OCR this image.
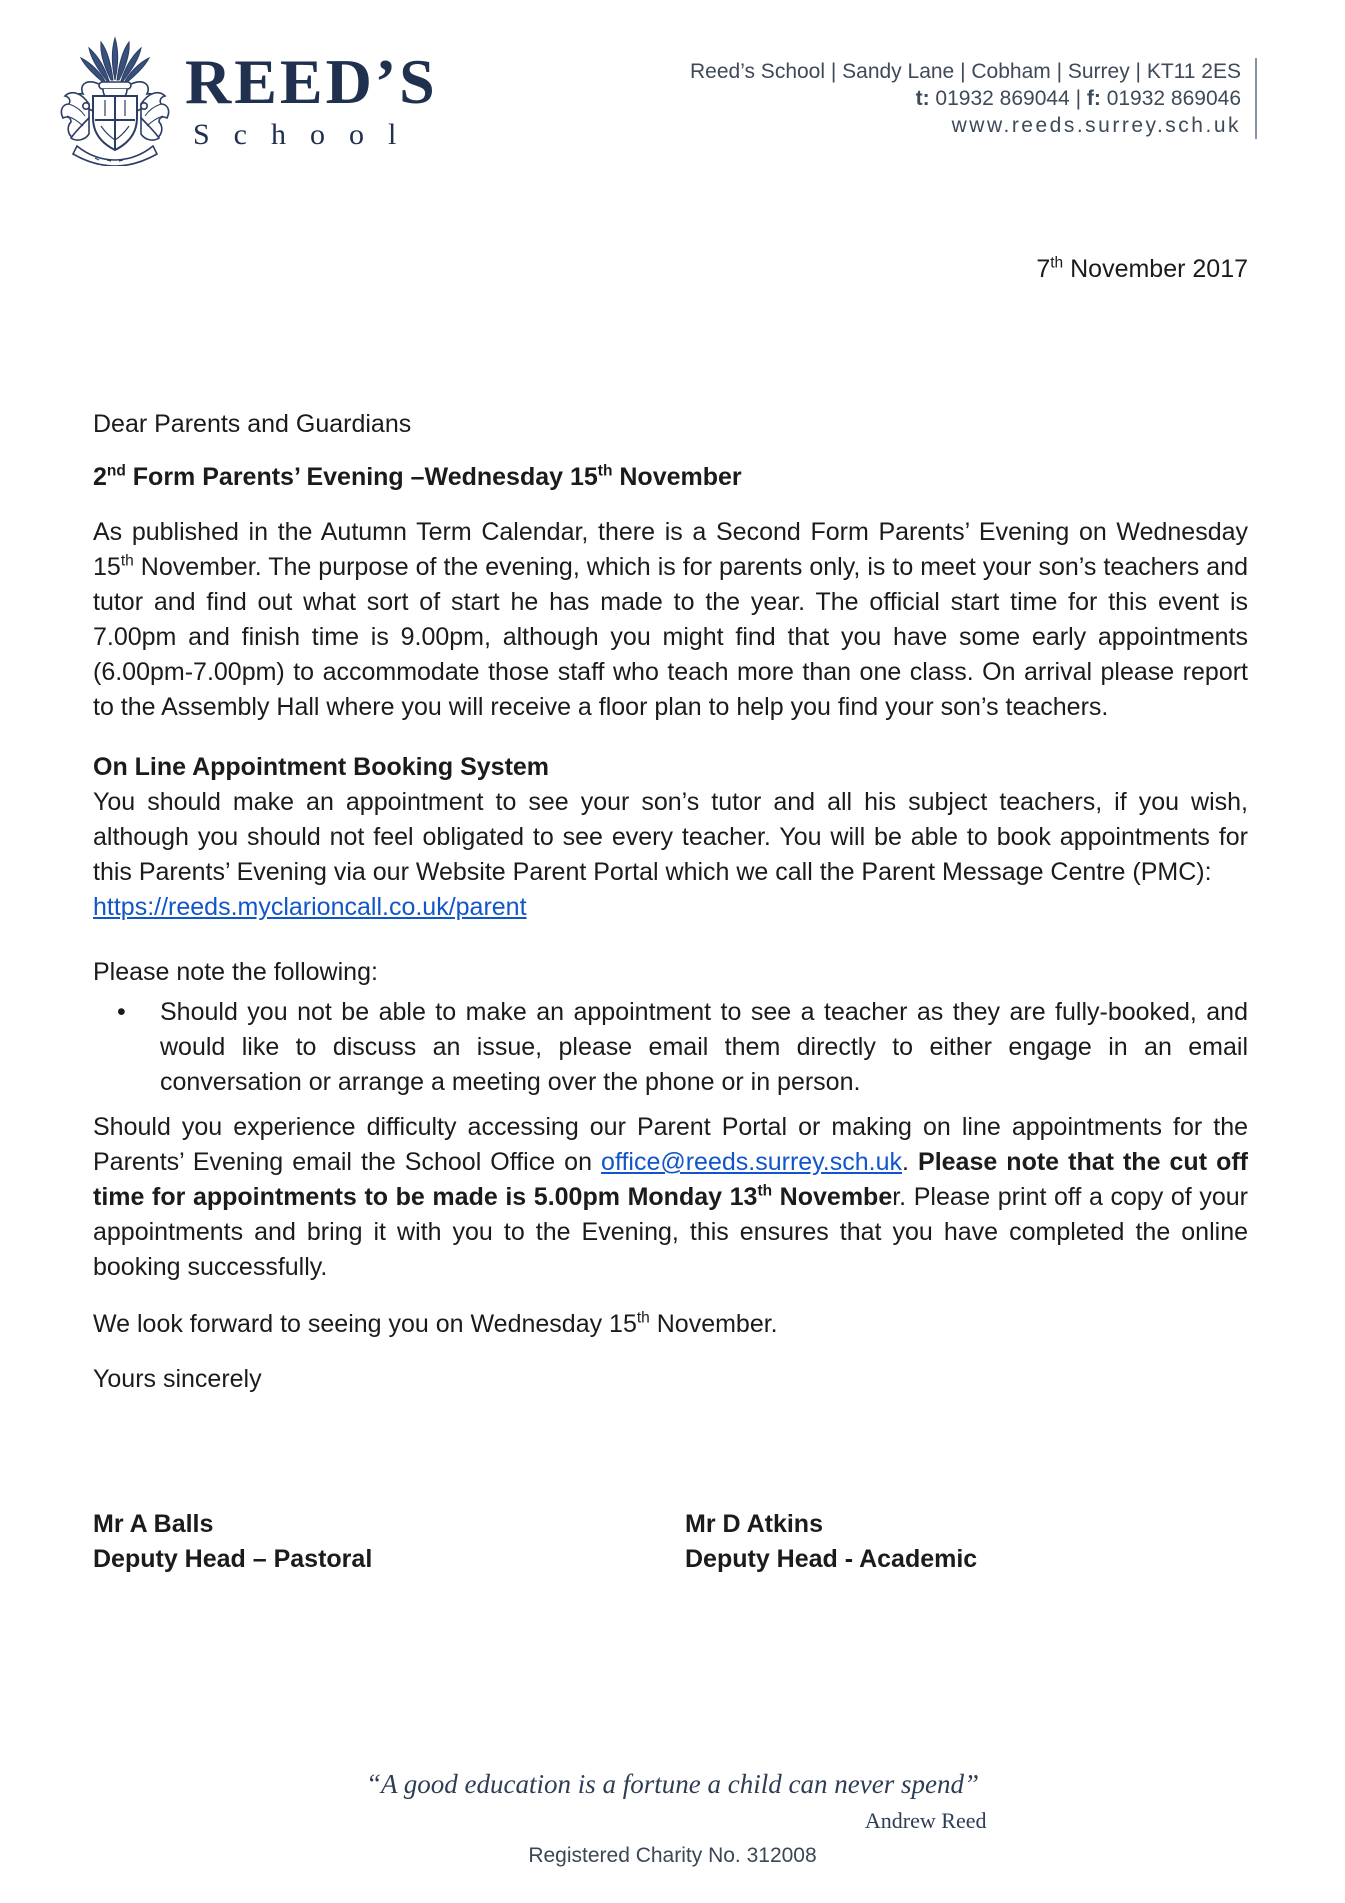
REED’S
School
Reed’s School | Sandy Lane | Cobham | Surrey | KT11 2ES
t: 01932 869044 | f: 01932 869046
www.reeds.surrey.sch.uk
7th November 2017
Dear Parents and Guardians
2nd Form Parents’ Evening –Wednesday 15th November
As published in the Autumn Term Calendar, there is a Second Form Parents’ Evening on Wednesday 15th November. The purpose of the evening, which is for parents only, is to meet your son’s teachers and tutor and find out what sort of start he has made to the year. The official start time for this event is 7.00pm and finish time is 9.00pm, although you might find that you have some early appointments (6.00pm-7.00pm) to accommodate those staff who teach more than one class. On arrival please report to the Assembly Hall where you will receive a floor plan to help you find your son’s teachers.
On Line Appointment Booking System
You should make an appointment to see your son’s tutor and all his subject teachers, if you wish, although you should not feel obligated to see every teacher. You will be able to book appointments for this Parents’ Evening via our Website Parent Portal which we call the Parent Message Centre (PMC):
https://reeds.myclarioncall.co.uk/parent
Please note the following:
•	Should you not be able to make an appointment to see a teacher as they are fully-booked, and would like to discuss an issue, please email them directly to either engage in an email conversation or arrange a meeting over the phone or in person.
Should you experience difficulty accessing our Parent Portal or making on line appointments for the Parents’ Evening email the School Office on office@reeds.surrey.sch.uk. Please note that the cut off time for appointments to be made is 5.00pm Monday 13th November. Please print off a copy of your appointments and bring it with you to the Evening, this ensures that you have completed the online booking successfully.
We look forward to seeing you on Wednesday 15th November.
Yours sincerely
Mr A Balls
Deputy Head – Pastoral
Mr D Atkins
Deputy Head - Academic
“A good education is a fortune a child can never spend”
Andrew Reed
Registered Charity No. 312008
